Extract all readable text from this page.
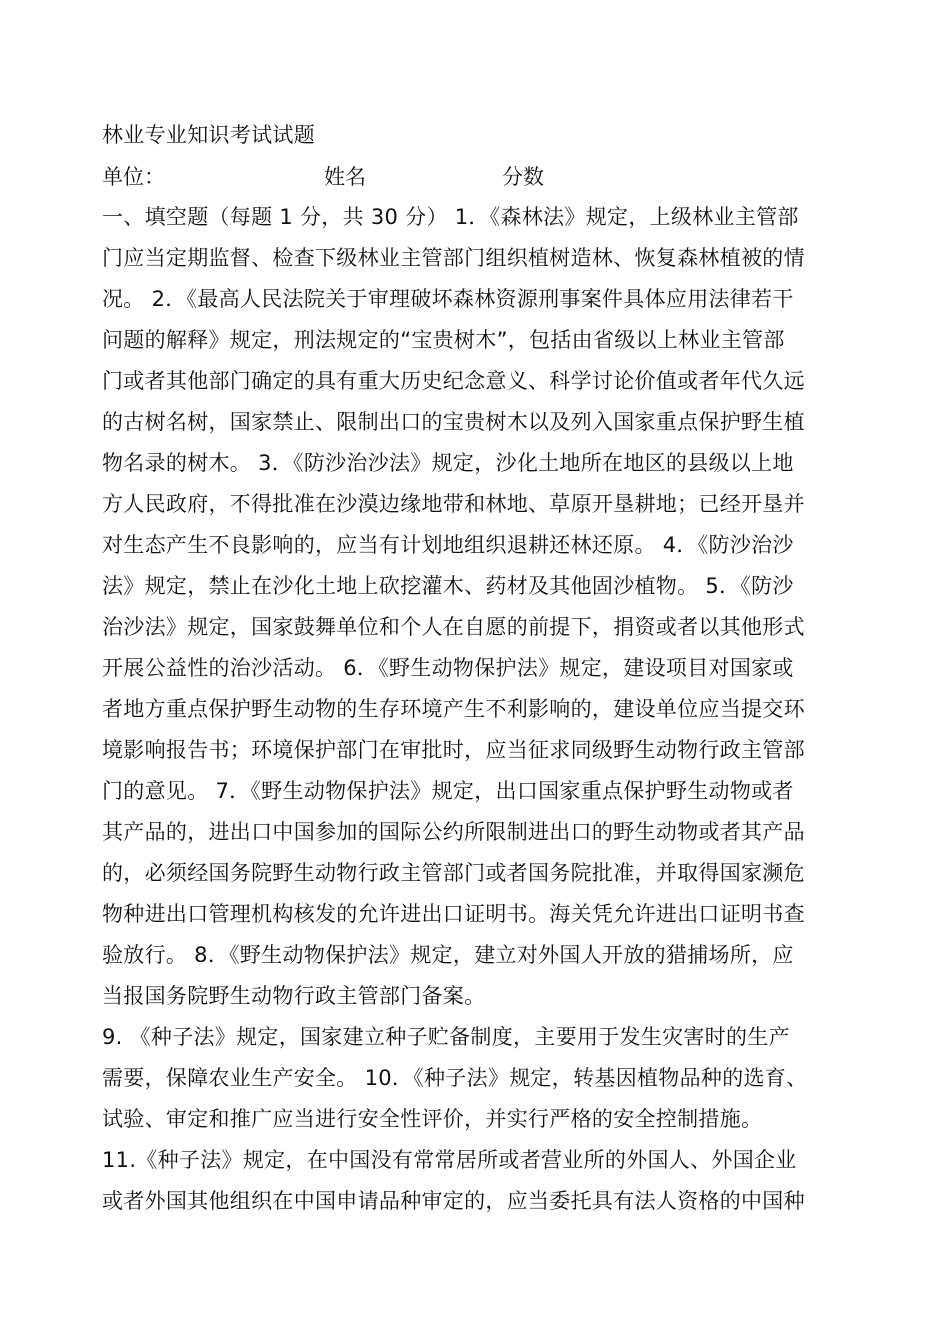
林业专业知识考试试题
单位：	姓名	分数
一、填空题（每题 1 分，共 30 分） 1．《森林法》规定，上级林业主管部
门应当定期监督、检查下级林业主管部门组织植树造林、恢复森林植被的情
况。 2．《最高人民法院关于审理破坏森林资源刑事案件具体应用法律若干
问题的解释》规定，刑法规定的“宝贵树木”，包括由省级以上林业主管部
门或者其他部门确定的具有重大历史纪念意义、科学讨论价值或者年代久远
的古树名树，国家禁止、限制出口的宝贵树木以及列入国家重点保护野生植
物名录的树木。 3．《防沙治沙法》规定，沙化土地所在地区的县级以上地
方人民政府，不得批准在沙漠边缘地带和林地、草原开垦耕地；已经开垦并
对生态产生不良影响的，应当有计划地组织退耕还林还原。 4．《防沙治沙
法》规定，禁止在沙化土地上砍挖灌木、药材及其他固沙植物。 5．《防沙
治沙法》规定，国家鼓舞单位和个人在自愿的前提下，捐资或者以其他形式
开展公益性的治沙活动。 6．《野生动物保护法》规定，建设项目对国家或
者地方重点保护野生动物的生存环境产生不利影响的，建设单位应当提交环
境影响报告书；环境保护部门在审批时，应当征求同级野生动物行政主管部
门的意见。 7．《野生动物保护法》规定，出口国家重点保护野生动物或者
其产品的，进出口中国参加的国际公约所限制进出口的野生动物或者其产品
的，必须经国务院野生动物行政主管部门或者国务院批准，并取得国家濒危
物种进出口管理机构核发的允许进出口证明书。海关凭允许进出口证明书查
验放行。 8．《野生动物保护法》规定，建立对外国人开放的猎捕场所，应
当报国务院野生动物行政主管部门备案。
9. 《种子法》规定，国家建立种子贮备制度，主要用于发生灾害时的生产
需要，保障农业生产安全。 10．《种子法》规定，转基因植物品种的选育、
试验、审定和推广应当进行安全性评价，并实行严格的安全控制措施。
11.《种子法》规定，在中国没有常常居所或者营业所的外国人、外国企业
或者外国其他组织在中国申请品种审定的，应当委托具有法人资格的中国种
